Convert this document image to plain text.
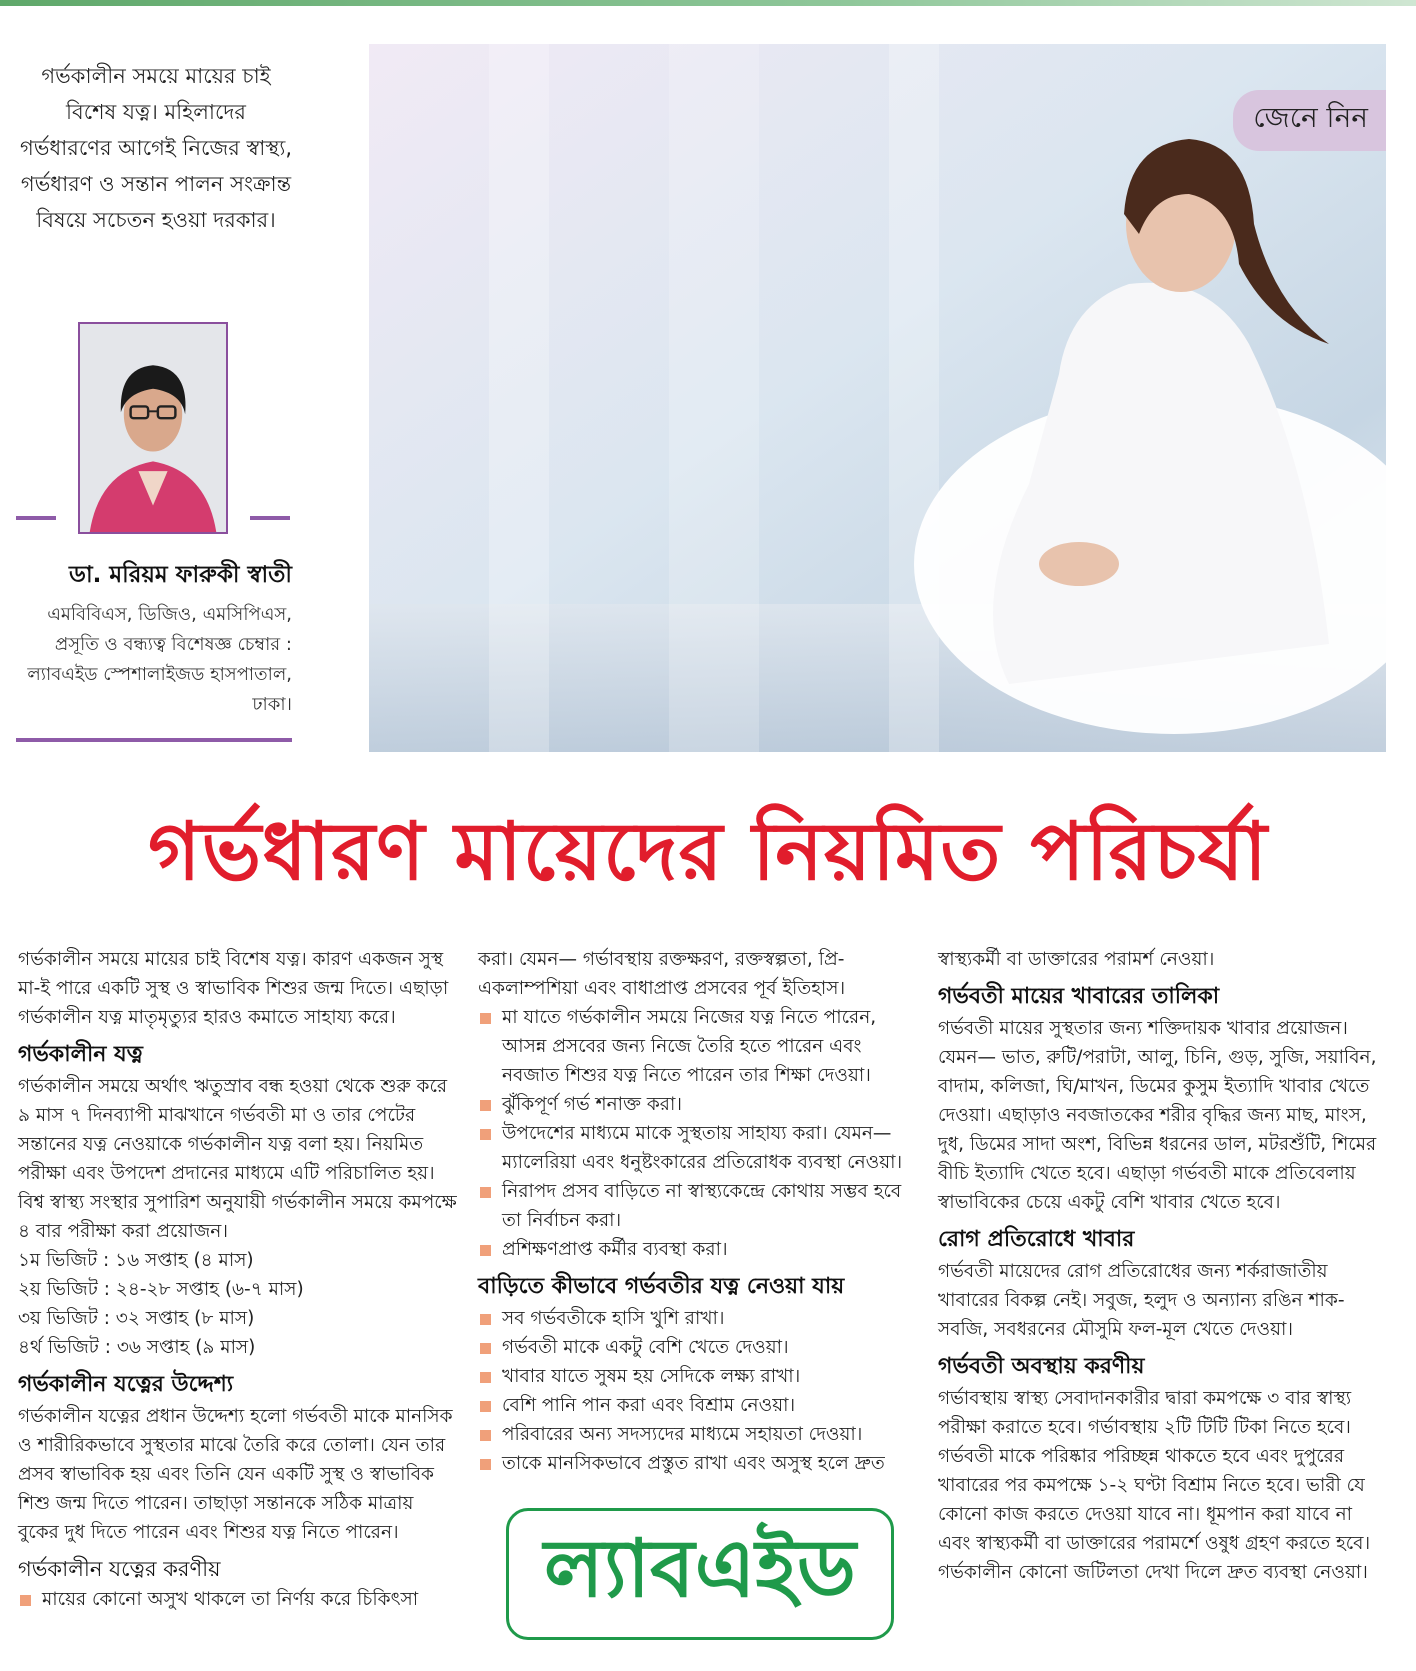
গর্ভকালীন সময়ে মায়ের চাই বিশেষ যত্ন। মহিলাদের গর্ভধারণের আগেই নিজের স্বাস্থ্য, গর্ভধারণ ও সন্তান পালন সংক্রান্ত বিষয়ে সচেতন হওয়া দরকার।
ডা. মরিয়ম ফারুকী স্বাতী
এমবিবিএস, ডিজিও, এমসিপিএস, প্রসূতি ও বন্ধ্যত্ব বিশেষজ্ঞ চেম্বার : ল্যাবএইড স্পেশালাইজড হাসপাতাল, ঢাকা।
জেনে নিন
গর্ভধারণ মায়েদের নিয়মিত পরিচর্যা

গর্ভকালীন সময়ে মায়ের চাই বিশেষ যত্ন। কারণ একজন সুস্থ মা-ই পারে একটি সুস্থ ও স্বাভাবিক শিশুর জন্ম দিতে। এছাড়া গর্ভকালীন যত্ন মাতৃমৃত্যুর হারও কমাতে সাহায্য করে।

গর্ভকালীন যত্ন

গর্ভকালীন সময়ে অর্থাৎ ঋতুস্রাব বন্ধ হওয়া থেকে শুরু করে ৯ মাস ৭ দিনব্যাপী মাঝখানে গর্ভবতী মা ও তার পেটের সন্তানের যত্ন নেওয়াকে গর্ভকালীন যত্ন বলা হয়। নিয়মিত পরীক্ষা এবং উপদেশ প্রদানের মাধ্যমে এটি পরিচালিত হয়। বিশ্ব স্বাস্থ্য সংস্থার সুপারিশ অনুযায়ী গর্ভকালীন সময়ে কমপক্ষে ৪ বার পরীক্ষা করা প্রয়োজন।

১ম ভিজিট : ১৬ সপ্তাহ (৪ মাস)

২য় ভিজিট : ২৪-২৮ সপ্তাহ (৬-৭ মাস)

৩য় ভিজিট : ৩২ সপ্তাহ (৮ মাস)

৪র্থ ভিজিট : ৩৬ সপ্তাহ (৯ মাস)

গর্ভকালীন যত্নের উদ্দেশ্য

গর্ভকালীন যত্নের প্রধান উদ্দেশ্য হলো গর্ভবতী মাকে মানসিক ও শারীরিকভাবে সুস্থতার মাঝে তৈরি করে তোলা। যেন তার প্রসব স্বাভাবিক হয় এবং তিনি যেন একটি সুস্থ ও স্বাভাবিক শিশু জন্ম দিতে পারেন। তাছাড়া সন্তানকে সঠিক মাত্রায় বুকের দুধ দিতে পারেন এবং শিশুর যত্ন নিতে পারেন।

গর্ভকালীন যত্নের করণীয়
মায়ের কোনো অসুখ থাকলে তা নির্ণয় করে চিকিৎসা

করা। যেমন— গর্ভাবস্থায় রক্তক্ষরণ, রক্তস্বল্পতা, প্রি-একলাম্পশিয়া এবং বাধাপ্রাপ্ত প্রসবের পূর্ব ইতিহাস।

মা যাতে গর্ভকালীন সময়ে নিজের যত্ন নিতে পারেন, আসন্ন প্রসবের জন্য নিজে তৈরি হতে পারেন এবং নবজাত শিশুর যত্ন নিতে পারেন তার শিক্ষা দেওয়া।
ঝুঁকিপূর্ণ গর্ভ শনাক্ত করা।
উপদেশের মাধ্যমে মাকে সুস্থতায় সাহায্য করা। যেমন— ম্যালেরিয়া এবং ধনুষ্টংকারের প্রতিরোধক ব্যবস্থা নেওয়া।
নিরাপদ প্রসব বাড়িতে না স্বাস্থ্যকেন্দ্রে কোথায় সম্ভব হবে তা নির্বাচন করা।
প্রশিক্ষণপ্রাপ্ত কর্মীর ব্যবস্থা করা।
বাড়িতে কীভাবে গর্ভবতীর যত্ন নেওয়া যায়
সব গর্ভবতীকে হাসি খুশি রাখা।
গর্ভবতী মাকে একটু বেশি খেতে দেওয়া।
খাবার যাতে সুষম হয় সেদিকে লক্ষ্য রাখা।
বেশি পানি পান করা এবং বিশ্রাম নেওয়া।
পরিবারের অন্য সদস্যদের মাধ্যমে সহায়তা দেওয়া।
তাকে মানসিকভাবে প্রস্তুত রাখা এবং অসুস্থ হলে দ্রুত
ল্যাবএইড

স্বাস্থ্যকর্মী বা ডাক্তারের পরামর্শ নেওয়া।

গর্ভবতী মায়ের খাবারের তালিকা

গর্ভবতী মায়ের সুস্থতার জন্য শক্তিদায়ক খাবার প্রয়োজন। যেমন— ভাত, রুটি/পরাটা, আলু, চিনি, গুড়, সুজি, সয়াবিন, বাদাম, কলিজা, ঘি/মাখন, ডিমের কুসুম ইত্যাদি খাবার খেতে দেওয়া। এছাড়াও নবজাতকের শরীর বৃদ্ধির জন্য মাছ, মাংস, দুধ, ডিমের সাদা অংশ, বিভিন্ন ধরনের ডাল, মটরশুঁটি, শিমের বীচি ইত্যাদি খেতে হবে। এছাড়া গর্ভবতী মাকে প্রতিবেলায় স্বাভাবিকের চেয়ে একটু বেশি খাবার খেতে হবে।

রোগ প্রতিরোধে খাবার

গর্ভবতী মায়েদের রোগ প্রতিরোধের জন্য শর্করাজাতীয় খাবারের বিকল্প নেই। সবুজ, হলুদ ও অন্যান্য রঙিন শাক-সবজি, সবধরনের মৌসুমি ফল-মূল খেতে দেওয়া।

গর্ভবতী অবস্থায় করণীয়

গর্ভাবস্থায় স্বাস্থ্য সেবাদানকারীর দ্বারা কমপক্ষে ৩ বার স্বাস্থ্য পরীক্ষা করাতে হবে। গর্ভাবস্থায় ২টি টিটি টিকা নিতে হবে। গর্ভবতী মাকে পরিষ্কার পরিচ্ছন্ন থাকতে হবে এবং দুপুরের খাবারের পর কমপক্ষে ১-২ ঘণ্টা বিশ্রাম নিতে হবে। ভারী যে কোনো কাজ করতে দেওয়া যাবে না। ধূমপান করা যাবে না এবং স্বাস্থ্যকর্মী বা ডাক্তারের পরামর্শে ওষুধ গ্রহণ করতে হবে।

গর্ভকালীন কোনো জটিলতা দেখা দিলে দ্রুত ব্যবস্থা নেওয়া।
